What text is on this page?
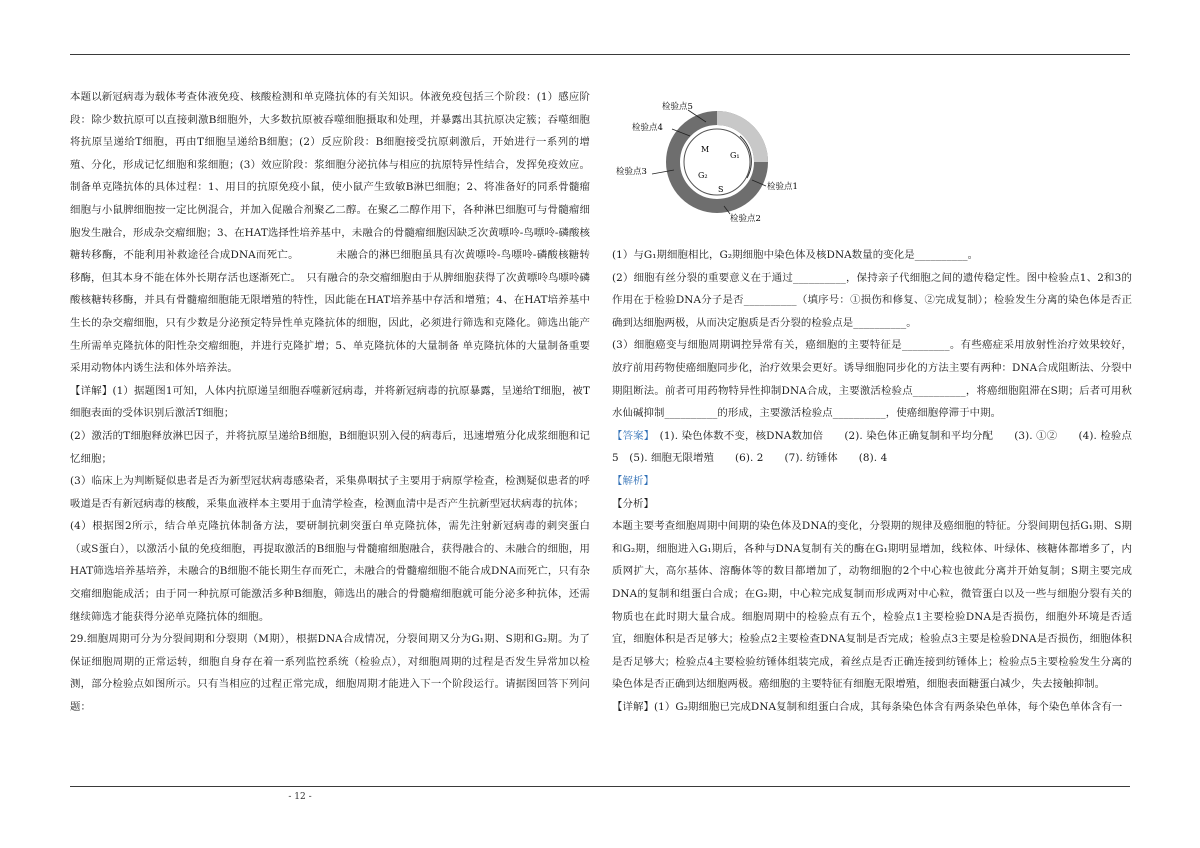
本题以新冠病毒为载体考查体液免疫、核酸检测和单克隆抗体的有关知识。体液免疫包括三个阶段：(1）感应阶段：除少数抗原可以直接刺激B细胞外，大多数抗原被吞噬细胞摄取和处理，并暴露出其抗原决定簇；吞噬细胞将抗原呈递给T细胞，再由T细胞呈递给B细胞；(2）反应阶段：B细胞接受抗原刺激后，开始进行一系列的增殖、分化，形成记忆细胞和浆细胞；(3）效应阶段：浆细胞分泌抗体与相应的抗原特异性结合，发挥免疫效应。制备单克隆抗体的具体过程：1、用目的抗原免疫小鼠，使小鼠产生致敏B淋巴细胞；2、将准备好的同系骨髓瘤细胞与小鼠脾细胞按一定比例混合，并加入促融合剂聚乙二醇。在聚乙二醇作用下，各种淋巴细胞可与骨髓瘤细胞发生融合，形成杂交瘤细胞；3、在HAT选择性培养基中，未融合的骨髓瘤细胞因缺乏次黄嘌呤-鸟嘌呤-磷酸核糖转移酶，不能利用补救途径合成DNA而死亡。　　　　未融合的淋巴细胞虽具有次黄嘌呤-鸟嘌呤-磷酸核糖转移酶，但其本身不能在体外长期存活也逐渐死亡。　只有融合的杂交瘤细胞由于从脾细胞获得了次黄嘌呤鸟嘌呤磷酸核糖转移酶，并具有骨髓瘤细胞能无限增殖的特性，因此能在HAT培养基中存活和增殖；4、在HAT培养基中生长的杂交瘤细胞，只有少数是分泌预定特异性单克隆抗体的细胞，因此，必须进行筛选和克隆化。筛选出能产生所需单克隆抗体的阳性杂交瘤细胞，并进行克隆扩增；5、单克隆抗体的大量制备 单克隆抗体的大量制备重要采用动物体内诱生法和体外培养法。

【详解】(1）据题图1可知，人体内抗原递呈细胞吞噬新冠病毒，并将新冠病毒的抗原暴露，呈递给T细胞，被T细胞表面的受体识别后激活T细胞；

(2）激活的T细胞释放淋巴因子，并将抗原呈递给B细胞，B细胞识别入侵的病毒后，迅速增殖分化成浆细胞和记忆细胞；

(3）临床上为判断疑似患者是否为新型冠状病毒感染者，采集鼻咽拭子主要用于病原学检查，检测疑似患者的呼吸道是否有新冠病毒的核酸，采集血液样本主要用于血清学检查，检测血清中是否产生抗新型冠状病毒的抗体；

(4）根据图2所示，结合单克隆抗体制备方法，要研制抗刺突蛋白单克隆抗体，需先注射新冠病毒的刺突蛋白（或S蛋白），以激活小鼠的免疫细胞，再提取激活的B细胞与骨髓瘤细胞融合，获得融合的、未融合的细胞，用HAT筛选培养基培养，未融合的B细胞不能长期生存而死亡，未融合的骨髓瘤细胞不能合成DNA而死亡，只有杂交瘤细胞能成活；由于同一种抗原可能激活多种B细胞，筛选出的融合的骨髓瘤细胞就可能分泌多种抗体，还需继续筛选才能获得分泌单克隆抗体的细胞。

29.细胞周期可分为分裂间期和分裂期（M期），根据DNA合成情况，分裂间期又分为G₁期、S期和G₂期。为了保证细胞周期的正常运转，细胞自身存在着一系列监控系统（检验点），对细胞周期的过程是否发生异常加以检测，部分检验点如图所示。只有当相应的过程正常完成，细胞周期才能进入下一个阶段运行。请据图回答下列问题：

M
G₂
G₁
S
检验点5
检验点4
检验点3
检验点1
检验点2

(1）与G₁期细胞相比，G₂期细胞中染色体及核DNA数量的变化是__________。

(2）细胞有丝分裂的重要意义在于通过__________，保持亲子代细胞之间的遗传稳定性。图中检验点1、2和3的作用在于检验DNA分子是否__________（填序号：①损伤和修复、②完成复制）；检验发生分离的染色体是否正确到达细胞两极，从而决定胞质是否分裂的检验点是__________。

(3）细胞癌变与细胞周期调控异常有关，癌细胞的主要特征是_________。有些癌症采用放射性治疗效果较好，放疗前用药物使癌细胞同步化，治疗效果会更好。诱导细胞同步化的方法主要有两种：DNA合成阻断法、分裂中期阻断法。前者可用药物特异性抑制DNA合成，主要激活检验点__________，将癌细胞阻滞在S期；后者可用秋水仙碱抑制__________的形成，主要激活检验点__________，使癌细胞停滞于中期。

【答案】　 (1). 染色体数不变，核DNA数加倍　　(2). 染色体正确复制和平均分配　　(3). ①②　　(4). 检验点5　(5). 细胞无限增殖　　(6). 2　　(7). 纺锤体　　(8). 4

【解析】

【分析】

本题主要考查细胞周期中间期的染色体及DNA的变化，分裂期的规律及癌细胞的特征。分裂间期包括G₁期、S期和G₂期，细胞进入G₁期后，各种与DNA复制有关的酶在G₁期明显增加，线粒体、叶绿体、核糖体都增多了，内质网扩大，高尔基体、溶酶体等的数目都增加了，动物细胞的2个中心粒也彼此分离并开始复制；S期主要完成DNA的复制和组蛋白合成；在G₂期，中心粒完成复制而形成两对中心粒，微管蛋白以及一些与细胞分裂有关的物质也在此时期大量合成。细胞周期中的检验点有五个，检验点1主要检验DNA是否损伤，细胞外环境是否适宜，细胞体积是否足够大；检验点2主要检查DNA复制是否完成；检验点3主要是检验DNA是否损伤，细胞体积是否足够大；检验点4主要检验纺锤体组装完成，着丝点是否正确连接到纺锤体上；检验点5主要检验发生分离的染色体是否正确到达细胞两极。癌细胞的主要特征有细胞无限增殖，细胞表面糖蛋白减少，失去接触抑制。

【详解】(1）G₂期细胞已完成DNA复制和组蛋白合成，其每条染色体含有两条染色单体，每个染色单体含有一

- 12 -
